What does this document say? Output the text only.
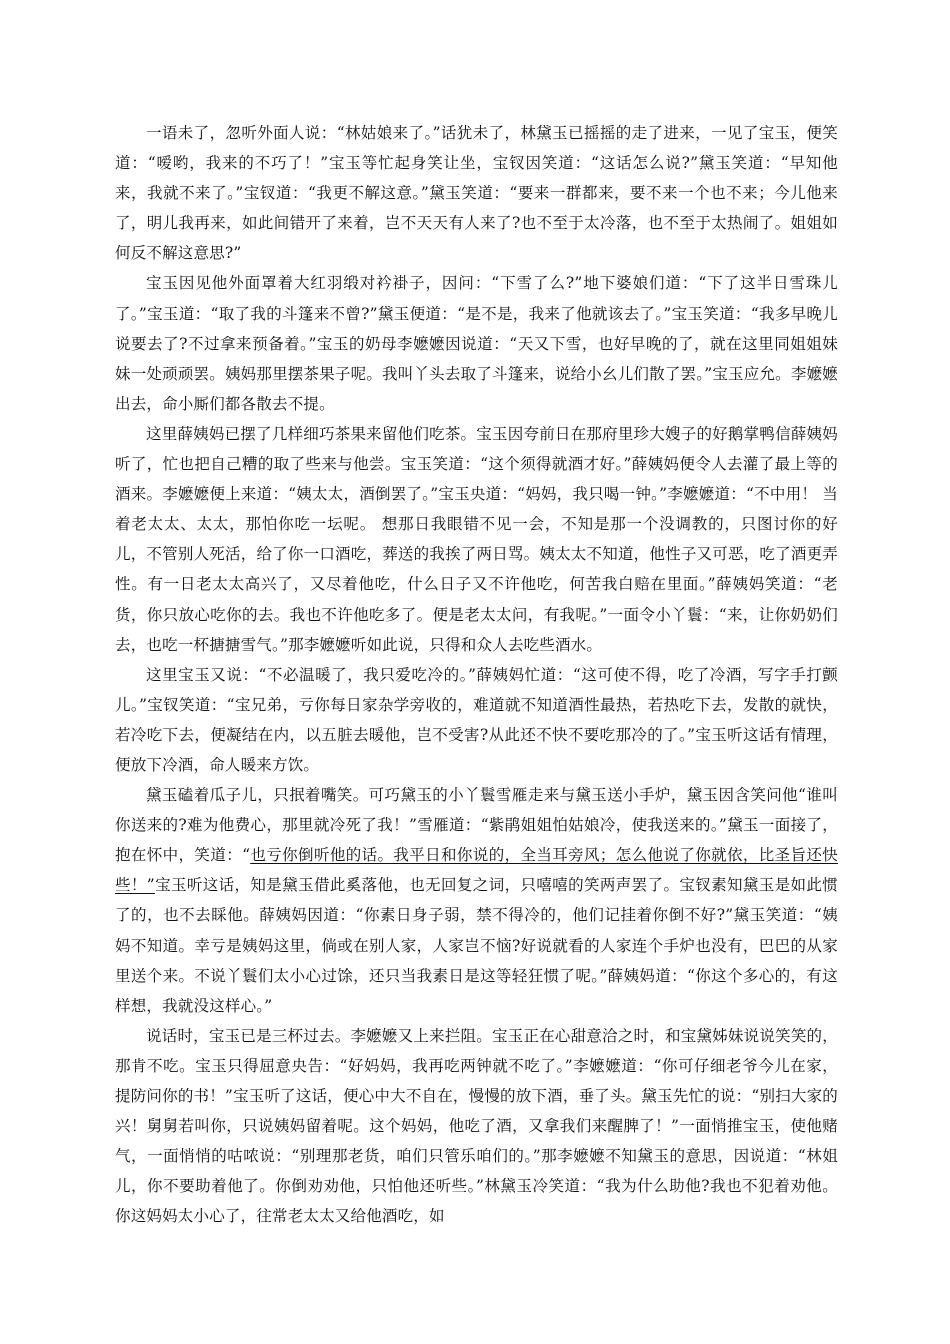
一语未了，忽听外面人说：“林姑娘来了。”话犹未了，林黛玉已摇摇的走了进来，一见了宝玉，便笑道：“嗳哟，我来的不巧了！”宝玉等忙起身笑让坐，宝钗因笑道：“这话怎么说?”黛玉笑道：“早知他来，我就不来了。”宝钗道：“我更不解这意。”黛玉笑道：“要来一群都来，要不来一个也不来；今儿他来了，明儿我再来，如此间错开了来着，岂不天天有人来了?也不至于太冷落，也不至于太热闹了。姐姐如何反不解这意思?”

宝玉因见他外面罩着大红羽缎对衿褂子，因问：“下雪了么?”地下婆娘们道：“下了这半日雪珠儿了。”宝玉道：“取了我的斗篷来不曾?”黛玉便道：“是不是，我来了他就该去了。”宝玉笑道：“我多早晚儿说要去了?不过拿来预备着。”宝玉的奶母李嬷嬷因说道：“天又下雪，也好早晚的了，就在这里同姐姐妹妹一处顽顽罢。姨妈那里摆茶果子呢。我叫丫头去取了斗篷来，说给小幺儿们散了罢。”宝玉应允。李嬷嬷出去，命小厮们都各散去不提。

这里薛姨妈已摆了几样细巧茶果来留他们吃茶。宝玉因夸前日在那府里珍大嫂子的好鹅掌鸭信薛姨妈听了，忙也把自己糟的取了些来与他尝。宝玉笑道：“这个须得就酒才好。”薛姨妈便令人去灌了最上等的酒来。李嬷嬷便上来道：“姨太太，酒倒罢了。”宝玉央道：“妈妈，我只喝一钟。”李嬷嬷道：“不中用！ 当着老太太、太太，那怕你吃一坛呢。 想那日我眼错不见一会，不知是那一个没调教的，只图讨你的好儿，不管别人死活，给了你一口酒吃，葬送的我挨了两日骂。姨太太不知道，他性子又可恶，吃了酒更弄性。有一日老太太高兴了，又尽着他吃，什么日子又不许他吃，何苦我白赔在里面。”薛姨妈笑道：“老货，你只放心吃你的去。我也不许他吃多了。便是老太太问，有我呢。”一面令小丫鬟：“来，让你奶奶们去，也吃一杯搪搪雪气。”那李嬷嬷听如此说，只得和众人去吃些酒水。

这里宝玉又说：“不必温暖了，我只爱吃冷的。”薛姨妈忙道：“这可使不得，吃了冷酒，写字手打颤儿。”宝钗笑道：“宝兄弟，亏你每日家杂学旁收的，难道就不知道酒性最热，若热吃下去，发散的就快，若冷吃下去，便凝结在内，以五脏去暖他，岂不受害?从此还不快不要吃那冷的了。”宝玉听这话有情理，便放下冷酒，命人暖来方饮。

黛玉磕着瓜子儿，只抿着嘴笑。可巧黛玉的小丫鬟雪雁走来与黛玉送小手炉，黛玉因含笑问他“谁叫你送来的?难为他费心，那里就冷死了我！”雪雁道：“紫鹃姐姐怕姑娘冷，使我送来的。”黛玉一面接了，抱在怀中，笑道：“也亏你倒听他的话。我平日和你说的，全当耳旁风；怎么他说了你就依，比圣旨还快些！”宝玉听这话，知是黛玉借此奚落他，也无回复之词，只嘻嘻的笑两声罢了。宝钗素知黛玉是如此惯了的，也不去睬他。薛姨妈因道：“你素日身子弱，禁不得冷的，他们记挂着你倒不好?”黛玉笑道：“姨妈不知道。幸亏是姨妈这里，倘或在别人家，人家岂不恼?好说就看的人家连个手炉也没有，巴巴的从家里送个来。不说丫鬟们太小心过馀，还只当我素日是这等轻狂惯了呢。”薛姨妈道：“你这个多心的，有这样想，我就没这样心。”

说话时，宝玉已是三杯过去。李嬷嬷又上来拦阻。宝玉正在心甜意洽之时，和宝黛姊妹说说笑笑的，那肯不吃。宝玉只得屈意央告：“好妈妈，我再吃两钟就不吃了。”李嬷嬷道：“你可仔细老爷今儿在家，提防问你的书！”宝玉听了这话，便心中大不自在，慢慢的放下酒，垂了头。黛玉先忙的说：“别扫大家的兴！舅舅若叫你，只说姨妈留着呢。这个妈妈，他吃了酒，又拿我们来醒脾了！”一面悄推宝玉，使他赌气，一面悄悄的咕哝说：“别理那老货，咱们只管乐咱们的。”那李嬷嬷不知黛玉的意思，因说道：“林姐儿，你不要助着他了。你倒劝劝他，只怕他还听些。”林黛玉冷笑道：“我为什么助他?我也不犯着劝他。你这妈妈太小心了，往常老太太又给他酒吃，如
